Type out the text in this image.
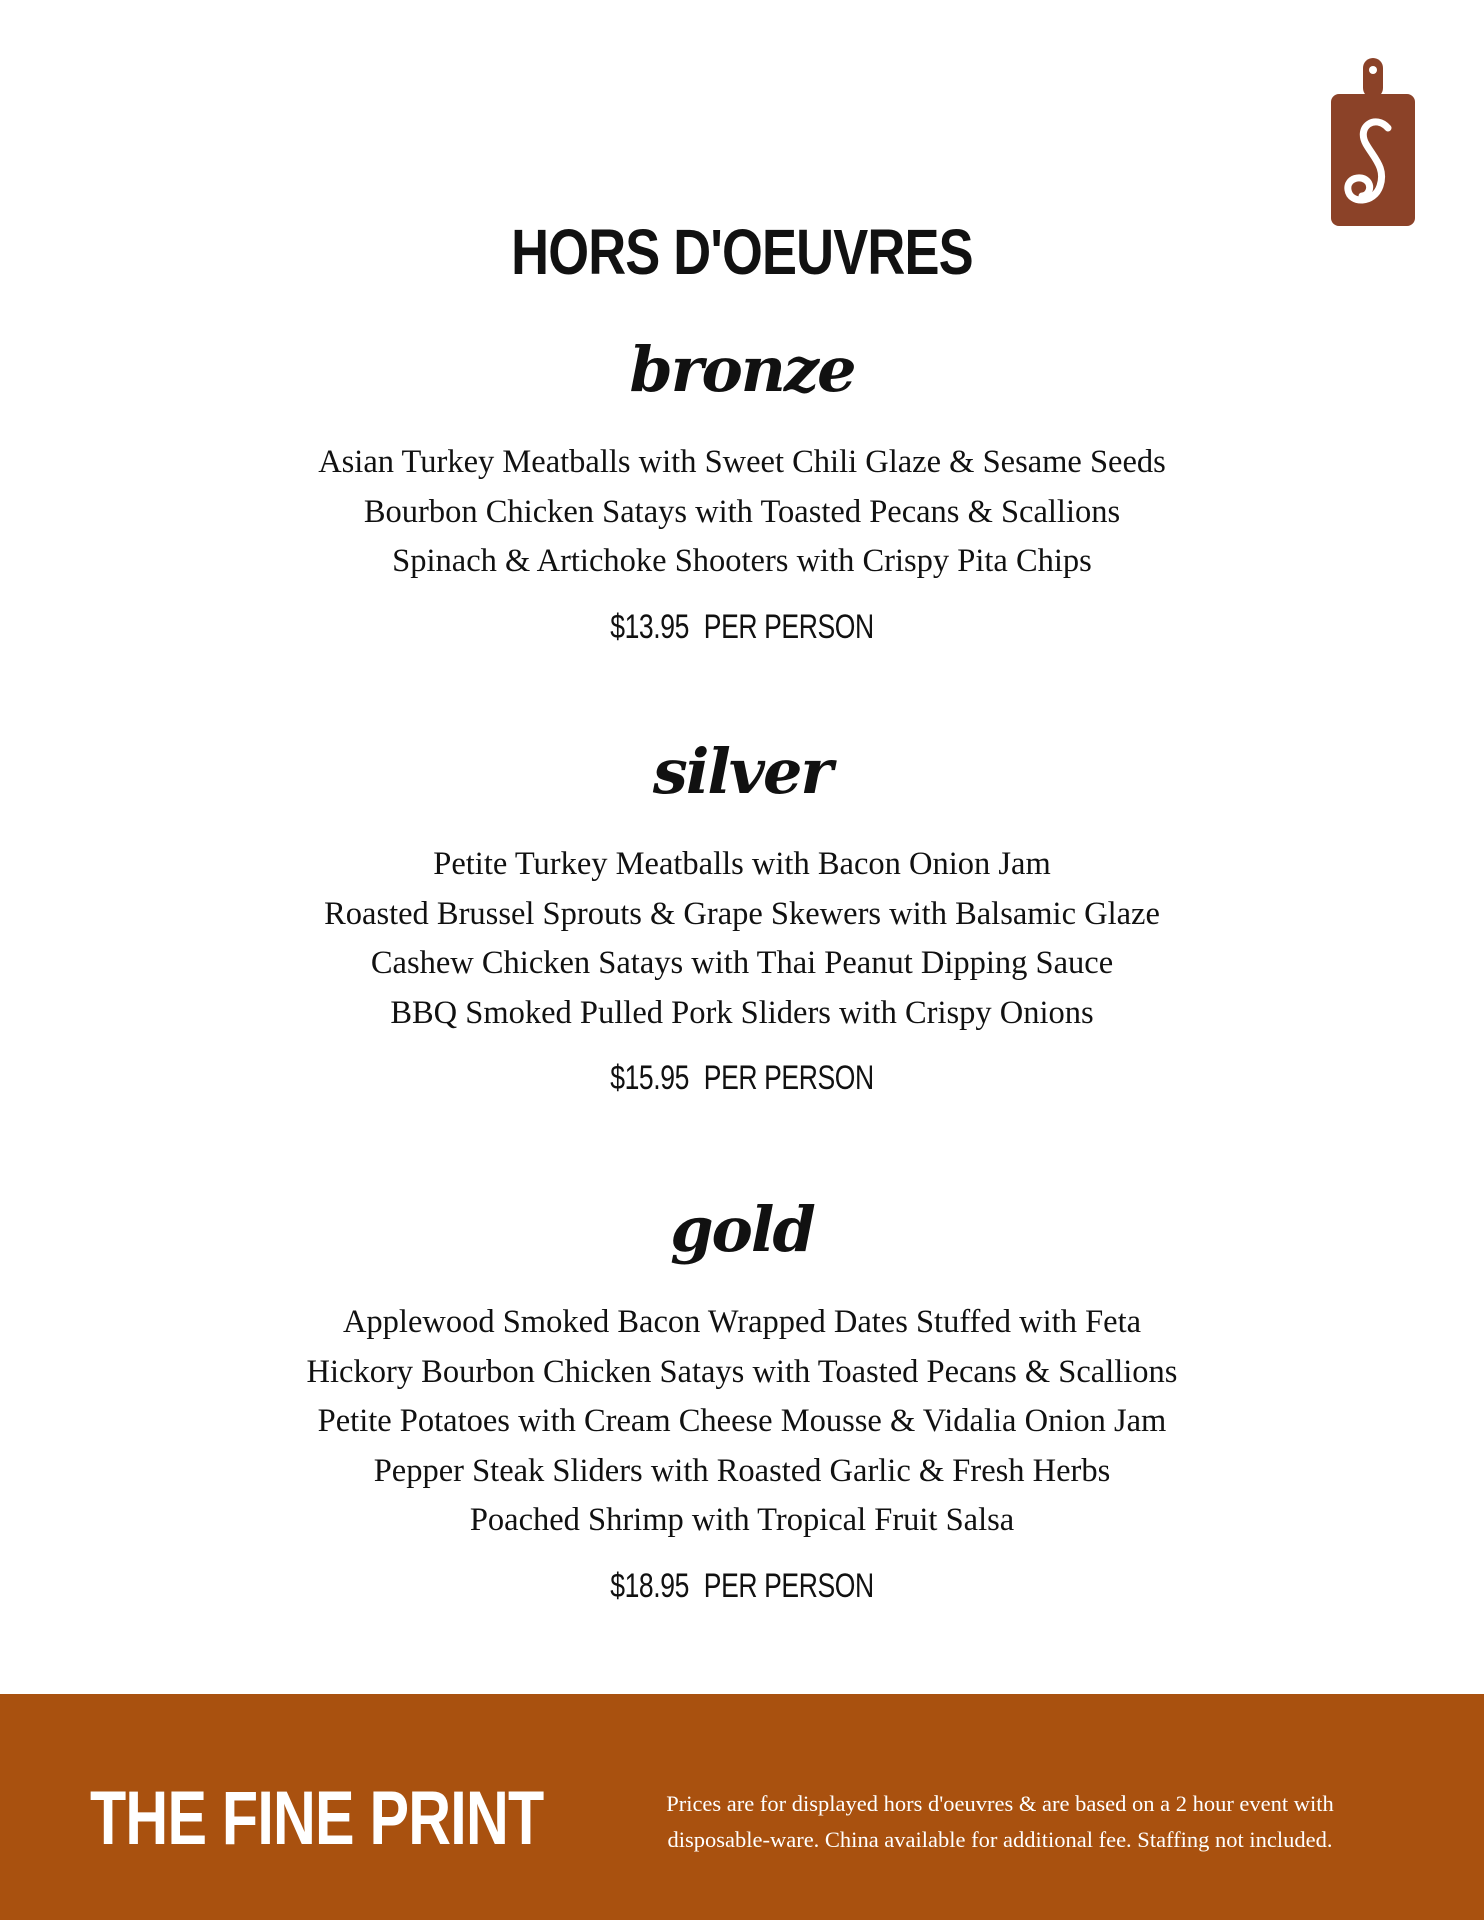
HORS D'OEUVRES
bronze
Asian Turkey Meatballs with Sweet Chili Glaze & Sesame Seeds
Bourbon Chicken Satays with Toasted Pecans & Scallions
Spinach & Artichoke Shooters with Crispy Pita Chips
$13.95 PER PERSON
silver
Petite Turkey Meatballs with Bacon Onion Jam
Roasted Brussel Sprouts & Grape Skewers with Balsamic Glaze
Cashew Chicken Satays with Thai Peanut Dipping Sauce
BBQ Smoked Pulled Pork Sliders with Crispy Onions
$15.95 PER PERSON
gold
Applewood Smoked Bacon Wrapped Dates Stuffed with Feta
Hickory Bourbon Chicken Satays with Toasted Pecans & Scallions
Petite Potatoes with Cream Cheese Mousse & Vidalia Onion Jam
Pepper Steak Sliders with Roasted Garlic & Fresh Herbs
Poached Shrimp with Tropical Fruit Salsa
$18.95 PER PERSON
THE FINE PRINT	Prices are for displayed hors d'oeuvres & are based on a 2 hour event with
disposable-ware. China available for additional fee. Staffing not included.
